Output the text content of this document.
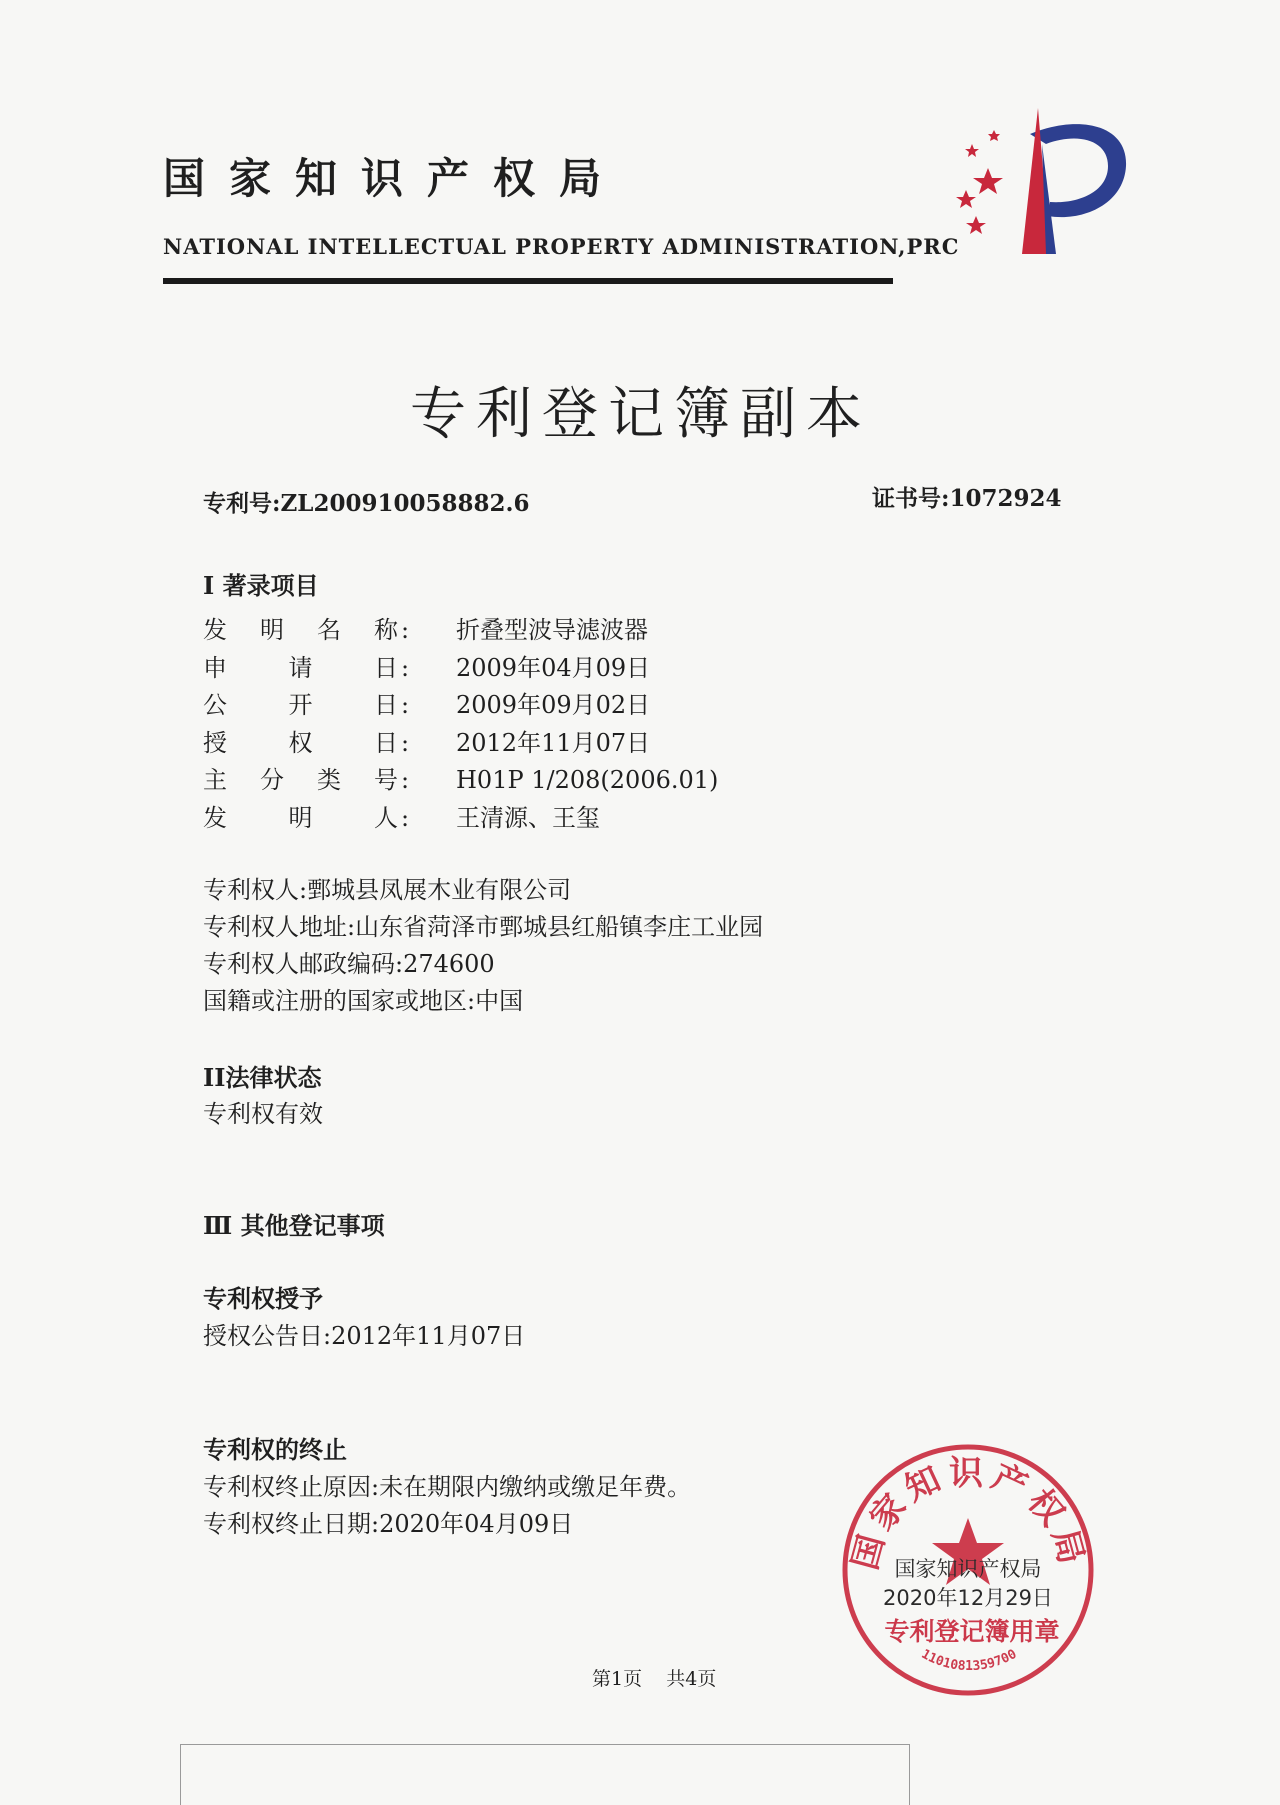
国家知识产权局
NATIONAL INTELLECTUAL PROPERTY ADMINISTRATION,PRC
专利登记簿副本
专利号:ZL200910058882.6	证书号:1072924
I 著录项目
发 明 名 称 : 折叠型波导滤波器
申	请	日 : 2009年04月09日
公	开	日 : 2009年09月02日
授	权	日 : 2012年11月07日
主 分 类 号 : H01P 1/208(2006.01)
发	明	人 : 王清源、王玺
专利权人:鄄城县凤展木业有限公司
专利权人地址:山东省菏泽市鄄城县红船镇李庄工业园
专利权人邮政编码:274600
国籍或注册的国家或地区:中国
II法律状态
专利权有效
Ⅲ 其他登记事项
专利权授予
授权公告日:2012年11月07日
专利权的终止
专利权终止原因:未在期限内缴纳或缴足年费。
专利权终止日期:2020年04月09日
国家知识产权局
国家知识产权局
2020年12月29日
专利登记簿用章
1101081359700
第1页 共4页
